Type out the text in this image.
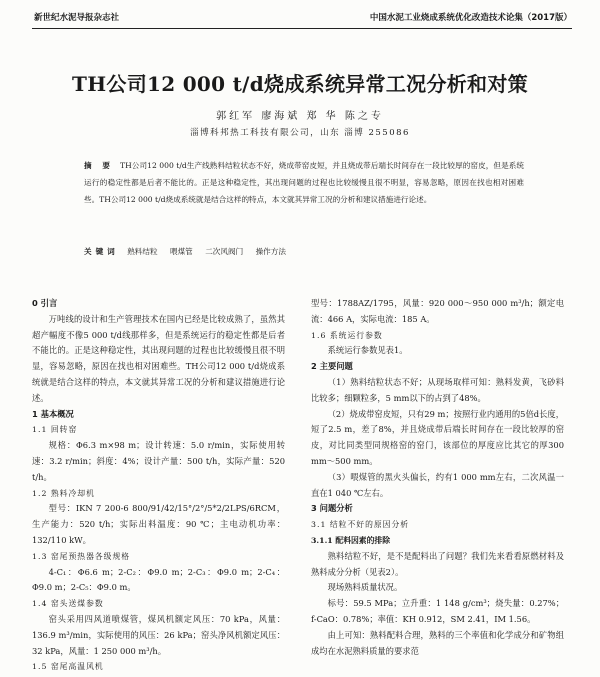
新世纪水泥导报杂志社	中国水泥工业烧成系统优化改造技术论集（2017版）
TH公司12 000 t/d烧成系统异常工况分析和对策
郭红军 廖海斌 郑 华 陈之专
淄博科邦热工科技有限公司，山东 淄博 255086
摘 要 TH公司12 000 t/d生产线熟料结粒状态不好，烧成带窑皮短，并且烧成带后端长时间存在一段比较厚的窑皮，但是系统运行的稳定性都是后者不能比的。正是这种稳定性，其出现问题的过程也比较缓慢且很不明显，容易忽略，原因在找也相对困难些。TH公司12 000 t/d烧成系统就是结合这样的特点，本文就其异常工况的分析和建议措施进行论述。
关键词 熟料结粒 喂煤管 二次风阀门 操作方法

0 引言

万吨线的设计和生产管理技术在国内已经是比较成熟了，虽然其超产幅度不像5 000 t/d线那样多，但是系统运行的稳定性都是后者不能比的。正是这种稳定性，其出现问题的过程也比较缓慢且很不明显，容易忽略，原因在找也相对困难些。TH公司12 000 t/d烧成系统就是结合这样的特点，本文就其异常工况的分析和建议措施进行论述。

1 基本概况

1.1 回转窑

规格：Φ6.3 m×98 m；设计转速：5.0 r/min，实际使用转速：3.2 r/min；斜度：4%；设计产量：500 t/h，实际产量：520 t/h。

1.2 熟料冷却机

型号：IKN 7 200-6 800/91/42/15°/2°/5*2/2LPS/6RCM，生产能力：520 t/h；实际出料温度：90 ℃；主电动机功率：132/110 kW。

1.3 窑尾预热器各级规格

4-C₁：Φ6.6 m；2-C₂：Φ9.0 m；2-C₃：Φ9.0 m；2-C₄：Φ9.0 m；2-C₅：Φ9.0 m。

1.4 窑头送煤参数

窑头采用四风道喷煤管，煤风机额定风压：70 kPa，风量：136.9 m³/min，实际使用的风压：26 kPa；窑头净风机额定风压：32 kPa，风量：1 250 000 m³/h。

1.5 窑尾高温风机

型号：1788AZ/1795，风量：920 000～950 000 m³/h；额定电流：466 A，实际电流：185 A。

1.6 系统运行参数

系统运行参数见表1。

2 主要问题

（1）熟料结粒状态不好；从现场取样可知：熟料发黄，飞砂料比较多；细颗粒多，5 mm以下的占到了48%。

（2）烧成带窑皮短，只有29 m；按照行业内通用的5倍d长度，短了2.5 m，差了8%，并且烧成带后端长时间存在一段比较厚的窑皮，对比同类型同规格窑的窑门，该部位的厚度应比其它的厚300 mm～500 mm。

（3）喂煤管的黑火头偏长，约有1 000 mm左右，二次风温一直在1 040 ℃左右。

3 问题分析

3.1 结粒不好的原因分析

3.1.1 配料因素的排除

熟料结粒不好，是不是配料出了问题？我们先来看看原燃材料及熟料成分分析（见表2）。

现场熟料质量状况。

标号：59.5 MPa；立升重：1 148 g/cm³；烧失量：0.27%；f-CaO：0.78%；率值：KH 0.912，SM 2.41，IM 1.56。

由上可知：熟料配料合理，熟料的三个率值和化学成分和矿物组成均在水泥熟料质量的要求范
